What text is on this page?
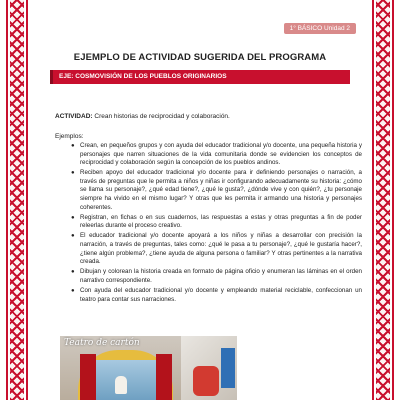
1° BÁSICO Unidad 2
EJEMPLO DE ACTIVIDAD SUGERIDA DEL PROGRAMA
EJE: COSMOVISIÓN DE LOS PUEBLOS ORIGINARIOS
ACTIVIDAD: Crean historias de reciprocidad y colaboración.
Ejemplos:
● Crean, en pequeños grupos y con ayuda del educador tradicional y/o docente, una pequeña historia y personajes que narren situaciones de la vida comunitaria donde se evidencien los conceptos de reciprocidad y colaboración según la concepción de los pueblos andinos.
● Reciben apoyo del educador tradicional y/o docente para ir definiendo personajes o narración, a través de preguntas que le permita a niños y niñas ir configurando adecuadamente su historia: ¿cómo se llama su personaje?, ¿qué edad tiene?, ¿qué le gusta?, ¿dónde vive y con quién?, ¿tu personaje siempre ha vivido en el mismo lugar? Y otras que les permita ir armando una historia y personajes coherentes.
● Registran, en fichas o en sus cuadernos, las respuestas a estas y otras preguntas a fin de poder releerlas durante el proceso creativo.
● El educador tradicional y/o docente apoyará a los niños y niñas a desarrollar con precisión la narración, a través de preguntas, tales como: ¿qué le pasa a tu personaje?, ¿qué le gustaría hacer?, ¿tiene algún problema?, ¿tiene ayuda de alguna persona o familiar? Y otras pertinentes a la narrativa creada.
● Dibujan y colorean la historia creada en formato de página oficio y enumeran las láminas en el orden narrativo correspondiente.
● Con ayuda del educador tradicional y/o docente y empleando material reciclable, confeccionan un teatro para contar sus narraciones.
Teatro de cartón
